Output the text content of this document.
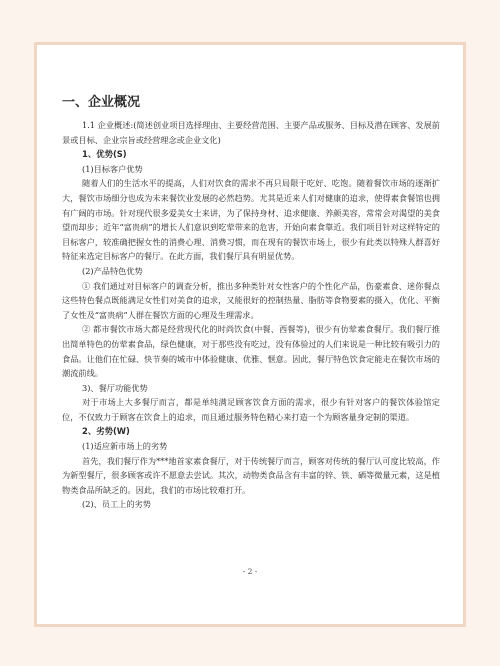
一、企业概况

1.1 企业概述:(简述创业项目选择理由、主要经营范围、主要产品或服务、目标及潜在顾客、发展前景或目标、企业宗旨或经营理念或企业文化)

1、优势(S)

(1)目标客户优势

随着人们的生活水平的提高，人们对饮食的需求不再只局限于吃好、吃饱。随着餐饮市场的逐渐扩大，餐饮市场细分也成为未来餐饮业发展的必然趋势。尤其是近来人们对健康的追求，使得素食餐馆也拥有广阔的市场。针对现代很多爱美女士来讲，为了保持身材、追求健康、养颜美容，常常会对渴望的美食望而却步；近年“富贵病”的增长人们意识到吃荤带来的危害，开始向素食靠近。我们项目针对这样特定的目标客户，较准确把握女性的消费心理、消费习惯，而在现有的餐饮市场上，很少有此类以特殊人群喜好特征来选定目标客户的餐厅。在此方面，我们餐厅具有明显优势。

(2)产品特色优势

① 我们通过对目标客户的调查分析，推出多种类针对女性客户的个性化产品，伤豪素食、迷你餐点这些特色餐点既能满足女性们对美食的追求，又能很好的控制热量、脂肪等食物要素的摄入，优化、平衡了女性及“富贵病”人群在餐饮方面的心理及生理需求。

② 都市餐饮市场大都是经营现代化的时尚饮食(中餐、西餐等)，很少有仿荤素食餐厅。我们餐厅推出简单特色的仿荤素食品，绿色健康，对于那些没有吃过，没有体验过的人们来说是一种比较有吸引力的食品。让他们在忙碌、快节奏的城市中体验健康、优雅、惬意。因此，餐厅特色饮食定能走在餐饮市场的潮流前线。

3)、餐厅功能优势

对于市场上大多餐厅而言，都是单纯满足顾客饮食方面的需求，很少有针对客户的餐饮体验馆定位，不仅致力于顾客在饮食上的追求，而且通过服务特色精心来打造一个为顾客量身定制的渠道。

2、劣势(W)

(1)适应新市场上的劣势

首先，我们餐厅作为***地首家素食餐厅，对于传统餐厅而言，顾客对传统的餐厅认可度比较高，作为新型餐厅，很多顾客或许不愿意去尝试。其次，动物类食品含有丰富的锌、铁、硒等微量元素，这是植物类食品所缺乏的。因此，我们的市场比较难打开。

(2)、员工上的劣势

- 2 -
